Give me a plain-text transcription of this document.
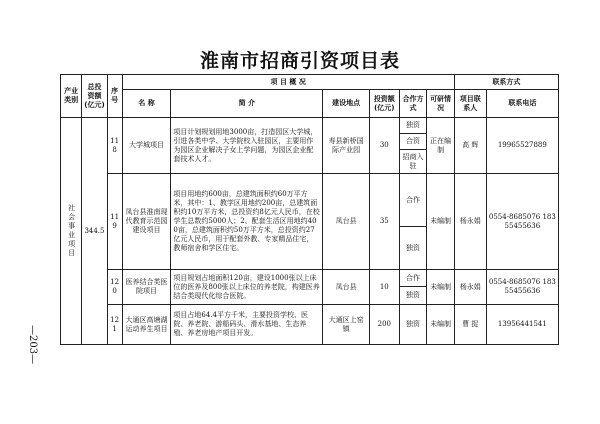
淮南市招商引资项目表
产业类别	总投资额(亿元)	序号	项 目 概 况						联系方式	
			名 称	简 介	建设地点	投资额(亿元)	合作方式	可研情况	项目联系人	联系电话

社会事业项目	344.5	118	大学城项目	项目计划规划用地3000亩，打造园区大学城，引进各类中学、大学院校入驻园区，主要用作为园区企业解决子女上学问题，为园区企业配套技术人才。	寿县新桥国际产业园	30	独资	正在编制	高 辉	19965527889
							合资			
							招商入驻			
		119	凤台县淮南现代教育示范园建设项目	项目用地约600亩，总建筑面积约60万平方米，其中：1、教学区用地约200亩，总建筑面积约10万平方米，总投资约8亿元人民币，在校学生总数约5000人；2、配套生活区用地约400亩，总建筑面积约50万平方米，总投资约27亿元人民币，用于配套外教、专家精品住宅，教师宿舍和学区住宅。	凤台县	35	合作	未编制	杨永娟	0554-8685076 18355455636

							独资			

		120	医养结合类医院项目	项目规划占地面积120亩，建设1000张以上床位的医养及800张以上床位的养老院，构建医养结合类现代化综合医院。	凤台县	10	合作	未编制	杨永娟	0554-8685076 18355455636
							独资			

		121	大通区高塘湖运动养生项目	项目占地64.4平方千米，主要投资学校、医院、养老院、游船码头、滑水基地、生态养殖、养老房地产项目开发。	大通区上窑镇	200	独资	未编制	曹 捉	13956441541
—203—
